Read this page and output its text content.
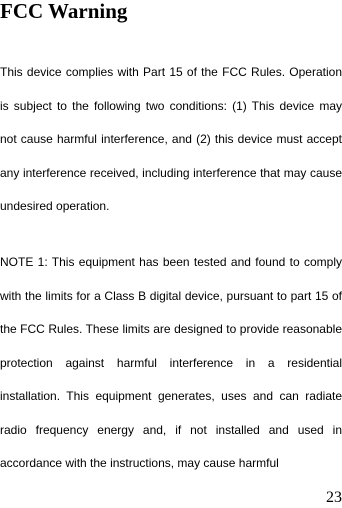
FCC Warning

This device complies with Part 15 of the FCC Rules. Operation is subject to the following two conditions: (1) This device may not cause harmful interference, and (2) this device must accept any interference received, including interference that may cause undesired operation.

NOTE 1: This equipment has been tested and found to comply with the limits for a Class B digital device, pursuant to part 15 of the FCC Rules. These limits are designed to provide reasonable protection against harmful interference in a residential installation. This equipment generates, uses and can radiate radio frequency energy and, if not installed and used in accordance with the instructions, may cause harmful

23
